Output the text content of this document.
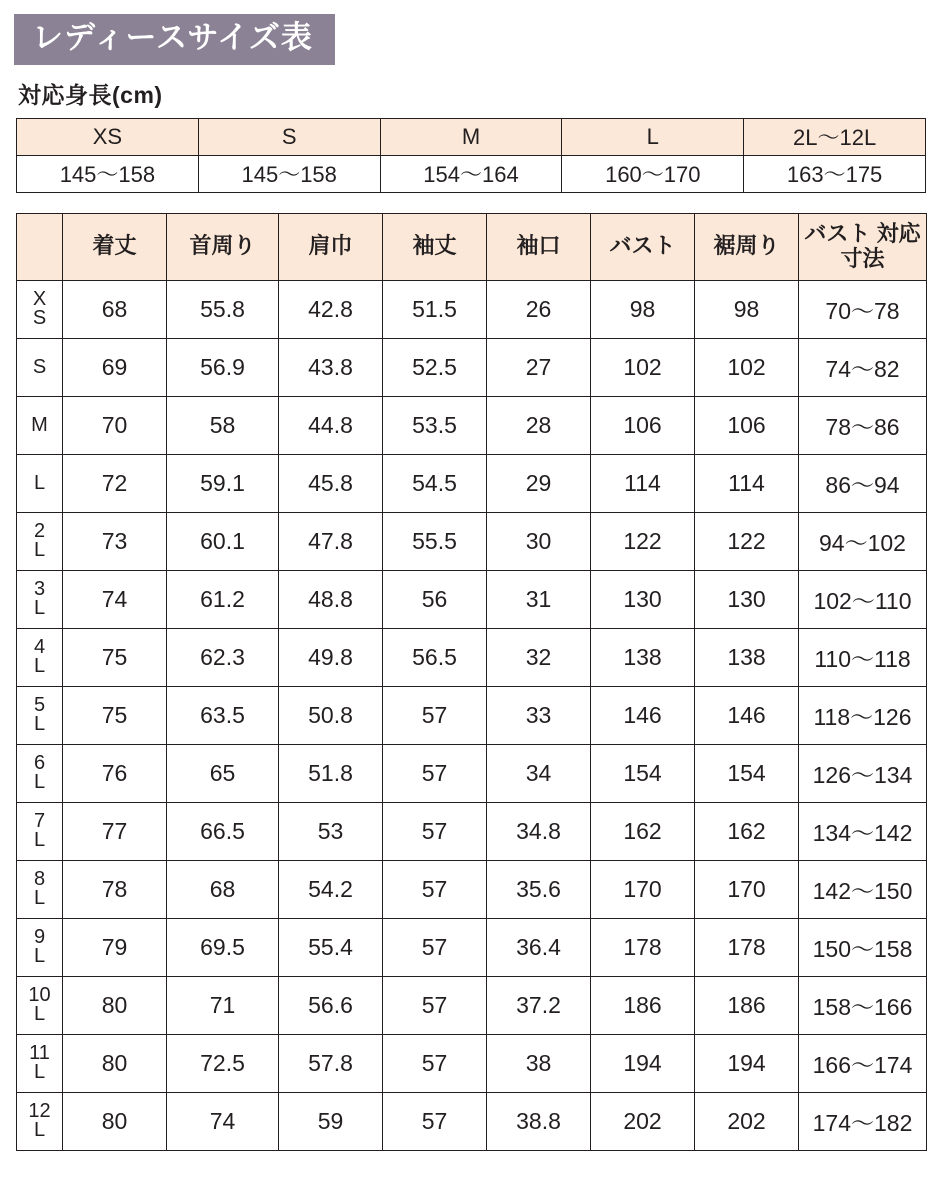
レディースサイズ表
対応身長(cm)
XS	S	M	L	2L〜12L
145〜158	145〜158	154〜164	160〜170	163〜175
	着丈	首周り	肩巾	袖丈	袖口	バスト	裾周り	バスト 対応寸法

X
S	68	55.8	42.8	51.5	26	98	98	70〜78

S	69	56.9	43.8	52.5	27	102	102	74〜82

M	70	58	44.8	53.5	28	106	106	78〜86

L	72	59.1	45.8	54.5	29	114	114	86〜94

2
L	73	60.1	47.8	55.5	30	122	122	94〜102

3
L	74	61.2	48.8	56	31	130	130	102〜110

4
L	75	62.3	49.8	56.5	32	138	138	110〜118

5
L	75	63.5	50.8	57	33	146	146	118〜126

6
L	76	65	51.8	57	34	154	154	126〜134

7
L	77	66.5	53	57	34.8	162	162	134〜142

8
L	78	68	54.2	57	35.6	170	170	142〜150

9
L	79	69.5	55.4	57	36.4	178	178	150〜158

10
L	80	71	56.6	57	37.2	186	186	158〜166

11
L	80	72.5	57.8	57	38	194	194	166〜174

12
L	80	74	59	57	38.8	202	202	174〜182
